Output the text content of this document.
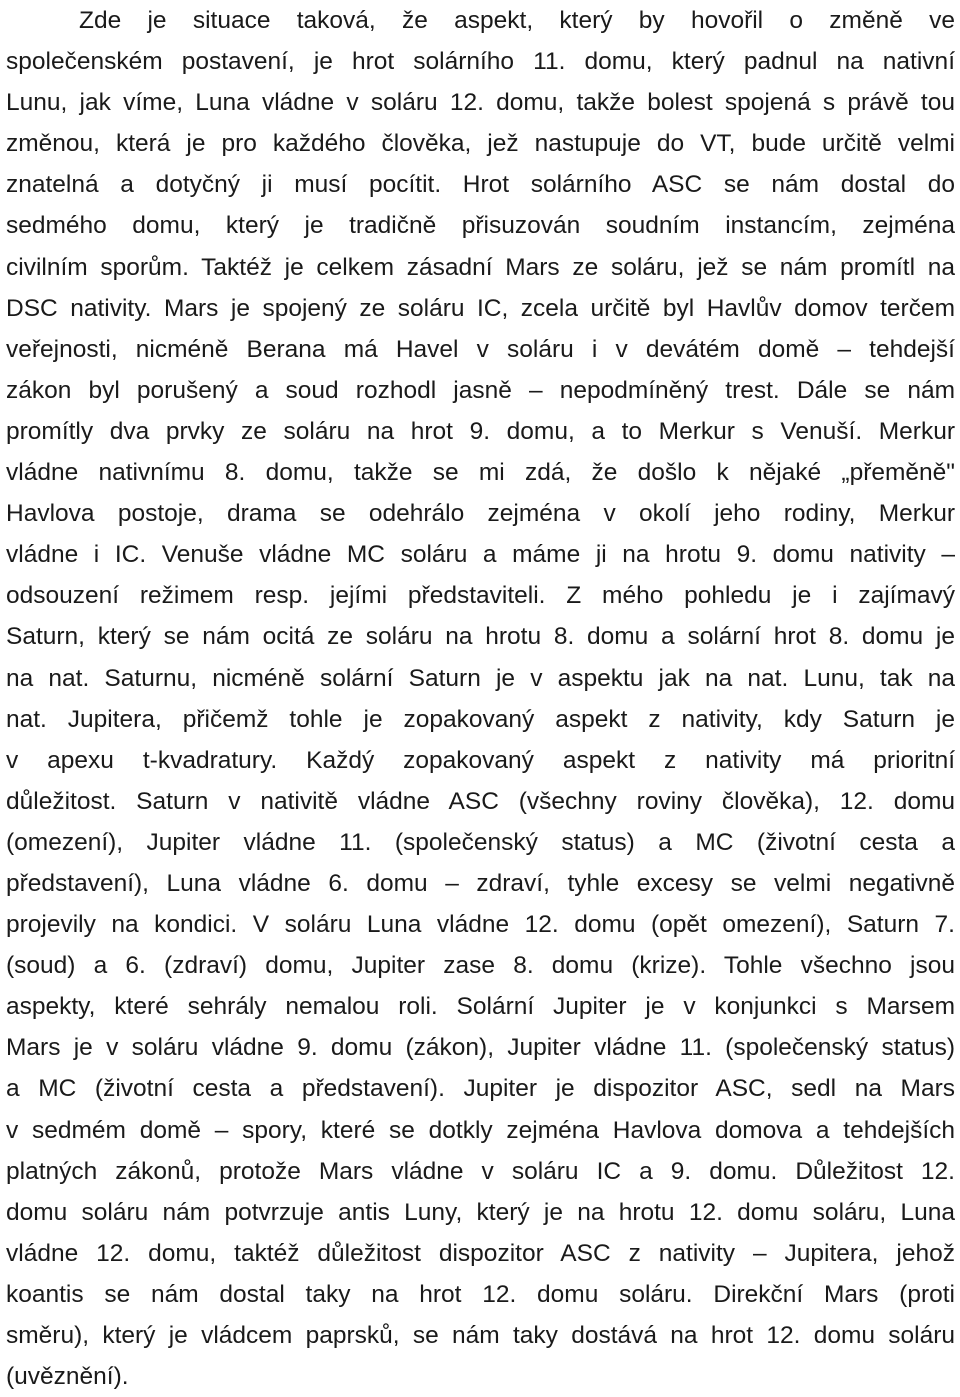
Zde je situace taková, že aspekt, který by hovořil o změně ve
společenském postavení, je hrot solárního 11. domu, který padnul na nativní
Lunu, jak víme, Luna vládne v soláru 12. domu, takže bolest spojená s právě tou
změnou, která je pro každého člověka, jež nastupuje do VT, bude určitě velmi
znatelná a dotyčný ji musí pocítit. Hrot solárního ASC se nám dostal do
sedmého domu, který je tradičně přisuzován soudním instancím, zejména
civilním sporům. Taktéž je celkem zásadní Mars ze soláru, jež se nám promítl na
DSC nativity. Mars je spojený ze soláru IC, zcela určitě byl Havlův domov terčem
veřejnosti, nicméně Berana má Havel v soláru i v devátém domě – tehdejší
zákon byl porušený a soud rozhodl jasně – nepodmíněný trest. Dále se nám
promítly dva prvky ze soláru na hrot 9. domu, a to Merkur s Venuší. Merkur
vládne nativnímu 8. domu, takže se mi zdá, že došlo k nějaké „přeměně"
Havlova postoje, drama se odehrálo zejména v okolí jeho rodiny, Merkur
vládne i IC. Venuše vládne MC soláru a máme ji na hrotu 9. domu nativity –
odsouzení režimem resp. jejími představiteli. Z mého pohledu je i zajímavý
Saturn, který se nám ocitá ze soláru na hrotu 8. domu a solární hrot 8. domu je
na nat. Saturnu, nicméně solární Saturn je v aspektu jak na nat. Lunu, tak na
nat. Jupitera, přičemž tohle je zopakovaný aspekt z nativity, kdy Saturn je
v apexu t-kvadratury. Každý zopakovaný aspekt z nativity má prioritní
důležitost. Saturn v nativitě vládne ASC (všechny roviny člověka), 12. domu
(omezení), Jupiter vládne 11. (společenský status) a MC (životní cesta a
představení), Luna vládne 6. domu – zdraví, tyhle excesy se velmi negativně
projevily na kondici. V soláru Luna vládne 12. domu (opět omezení), Saturn 7.
(soud) a 6. (zdraví) domu, Jupiter zase 8. domu (krize). Tohle všechno jsou
aspekty, které sehrály nemalou roli. Solární Jupiter je v konjunkci s Marsem
Mars je v soláru vládne 9. domu (zákon), Jupiter vládne 11. (společenský status)
a MC (životní cesta a představení). Jupiter je dispozitor ASC, sedl na Mars
v sedmém domě – spory, které se dotkly zejména Havlova domova a tehdejších
platných zákonů, protože Mars vládne v soláru IC a 9. domu. Důležitost 12.
domu soláru nám potvrzuje antis Luny, který je na hrotu 12. domu soláru, Luna
vládne 12. domu, taktéž důležitost dispozitor ASC z nativity – Jupitera, jehož
koantis se nám dostal taky na hrot 12. domu soláru. Direkční Mars (proti
směru), který je vládcem paprsků, se nám taky dostává na hrot 12. domu soláru
(uvěznění).
